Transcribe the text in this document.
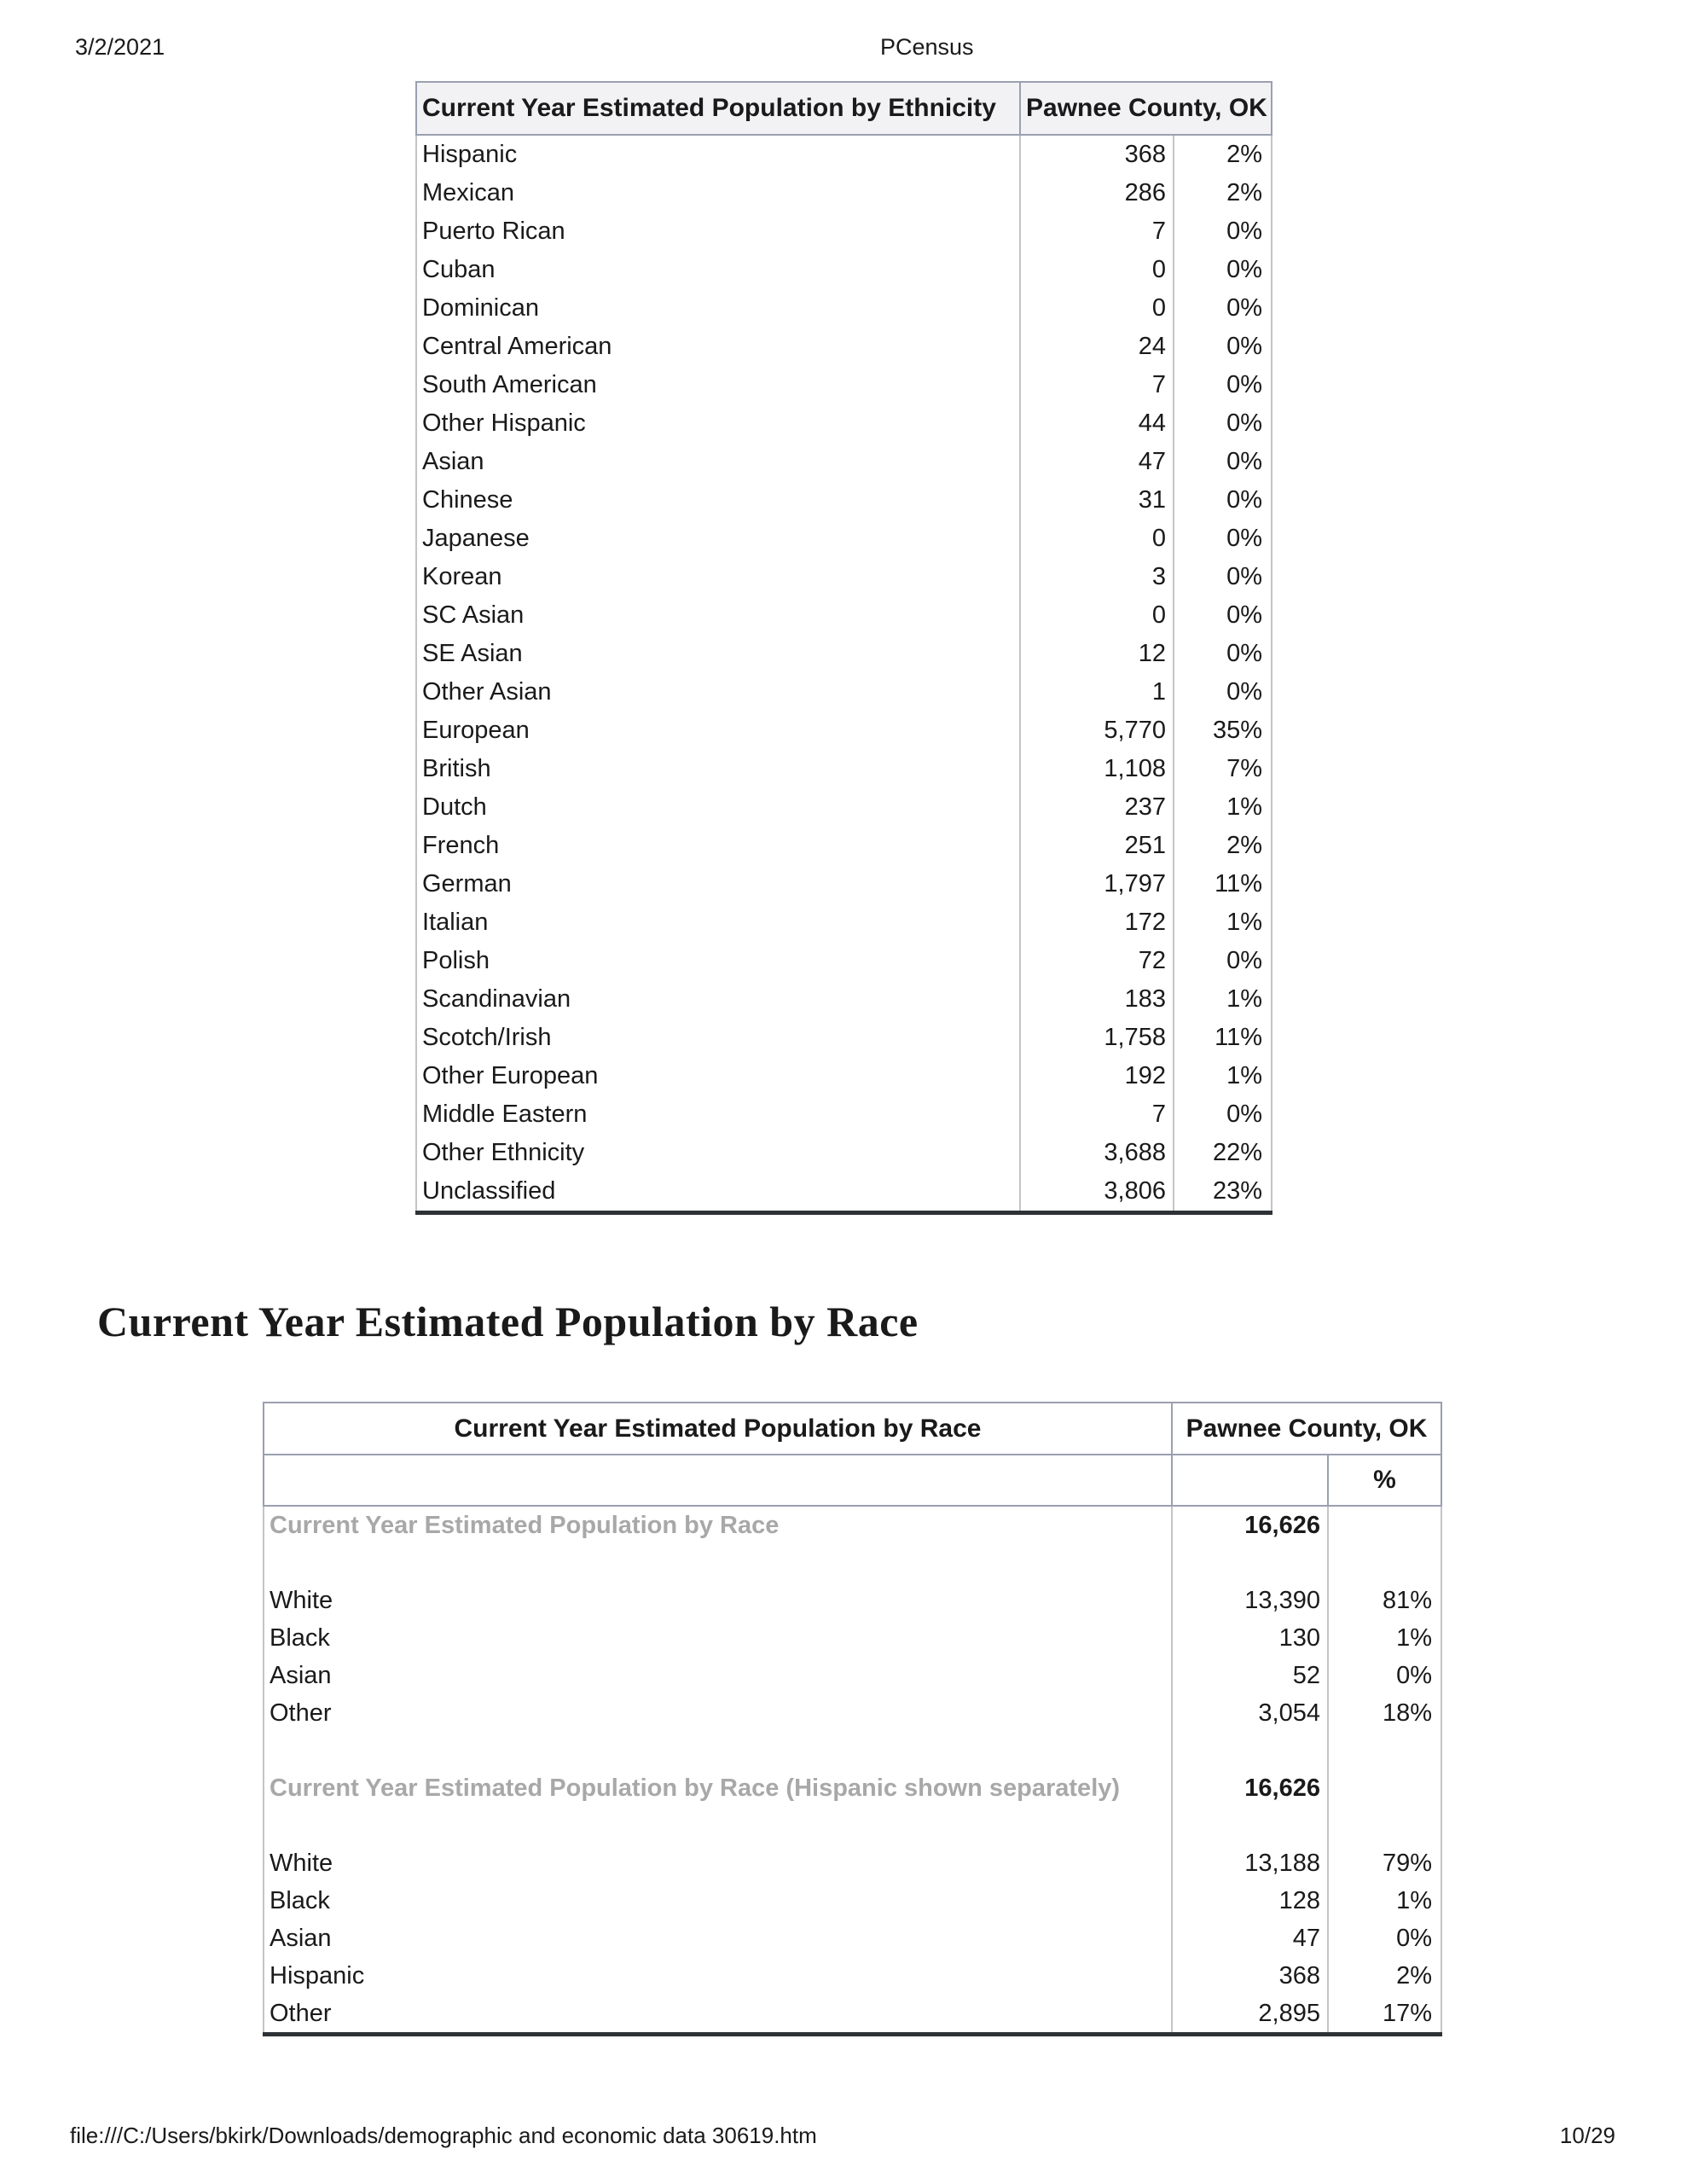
3/2/2021	PCensus
Current Year Estimated Population by Ethnicity	Pawnee County, OK	
Hispanic	368	2%
Mexican	286	2%
Puerto Rican	7	0%
Cuban	0	0%
Dominican	0	0%
Central American	24	0%
South American	7	0%
Other Hispanic	44	0%
Asian	47	0%
Chinese	31	0%
Japanese	0	0%
Korean	3	0%
SC Asian	0	0%
SE Asian	12	0%
Other Asian	1	0%
European	5,770	35%
British	1,108	7%
Dutch	237	1%
French	251	2%
German	1,797	11%
Italian	172	1%
Polish	72	0%
Scandinavian	183	1%
Scotch/Irish	1,758	11%
Other European	192	1%
Middle Eastern	7	0%
Other Ethnicity	3,688	22%
Unclassified	3,806	23%
Current Year Estimated Population by Race
Current Year Estimated Population by Race	Pawnee County, OK	
		%
Current Year Estimated Population by Race	16,626	

White	13,390	81%
Black	130	1%
Asian	52	0%
Other	3,054	18%

Current Year Estimated Population by Race (Hispanic shown separately)	16,626	

White	13,188	79%
Black	128	1%
Asian	47	0%
Hispanic	368	2%
Other	2,895	17%
file:///C:/Users/bkirk/Downloads/demographic and economic data 30619.htm	10/29
